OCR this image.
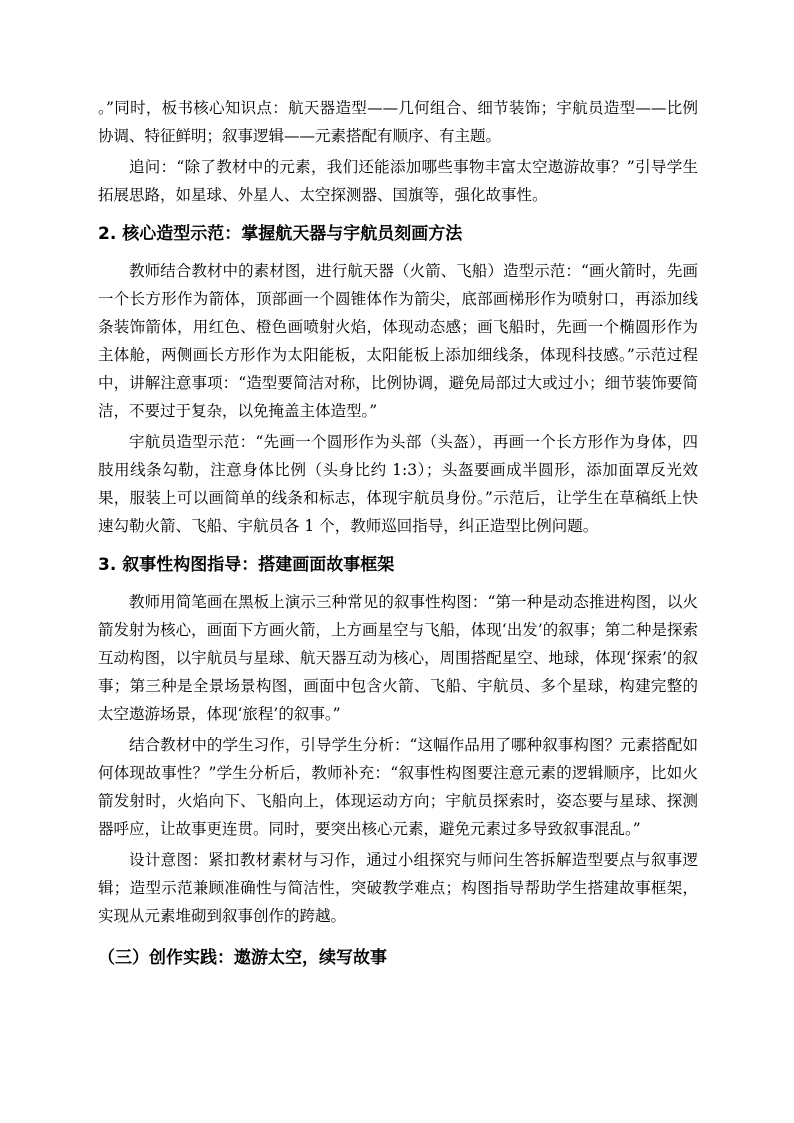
。”同时，板书核心知识点：航天器造型——几何组合、细节装饰；宇航员造型——比例协调、特征鲜明；叙事逻辑——元素搭配有顺序、有主题。

追问：“除了教材中的元素，我们还能添加哪些事物丰富太空遨游故事？”引导学生拓展思路，如星球、外星人、太空探测器、国旗等，强化故事性。

2. 核心造型示范：掌握航天器与宇航员刻画方法

教师结合教材中的素材图，进行航天器（火箭、飞船）造型示范：“画火箭时，先画一个长方形作为箭体，顶部画一个圆锥体作为箭尖，底部画梯形作为喷射口，再添加线条装饰箭体，用红色、橙色画喷射火焰，体现动态感；画飞船时，先画一个椭圆形作为主体舱，两侧画长方形作为太阳能板，太阳能板上添加细线条，体现科技感。”示范过程中，讲解注意事项：“造型要简洁对称，比例协调，避免局部过大或过小；细节装饰要简洁，不要过于复杂，以免掩盖主体造型。”

宇航员造型示范：“先画一个圆形作为头部（头盔），再画一个长方形作为身体，四肢用线条勾勒，注意身体比例（头身比约 1:3）；头盔要画成半圆形，添加面罩反光效果，服装上可以画简单的线条和标志，体现宇航员身份。”示范后，让学生在草稿纸上快速勾勒火箭、飞船、宇航员各 1 个，教师巡回指导，纠正造型比例问题。

3. 叙事性构图指导：搭建画面故事框架

教师用简笔画在黑板上演示三种常见的叙事性构图：“第一种是动态推进构图，以火箭发射为核心，画面下方画火箭，上方画星空与飞船，体现‘出发’的叙事；第二种是探索互动构图，以宇航员与星球、航天器互动为核心，周围搭配星空、地球，体现‘探索’的叙事；第三种是全景场景构图，画面中包含火箭、飞船、宇航员、多个星球，构建完整的太空遨游场景，体现‘旅程’的叙事。”

结合教材中的学生习作，引导学生分析：“这幅作品用了哪种叙事构图？元素搭配如何体现故事性？”学生分析后，教师补充：“叙事性构图要注意元素的逻辑顺序，比如火箭发射时，火焰向下、飞船向上，体现运动方向；宇航员探索时，姿态要与星球、探测器呼应，让故事更连贯。同时，要突出核心元素，避免元素过多导致叙事混乱。”

设计意图：紧扣教材素材与习作，通过小组探究与师问生答拆解造型要点与叙事逻辑；造型示范兼顾准确性与简洁性，突破教学难点；构图指导帮助学生搭建故事框架，实现从元素堆砌到叙事创作的跨越。

（三）创作实践：遨游太空，续写故事
